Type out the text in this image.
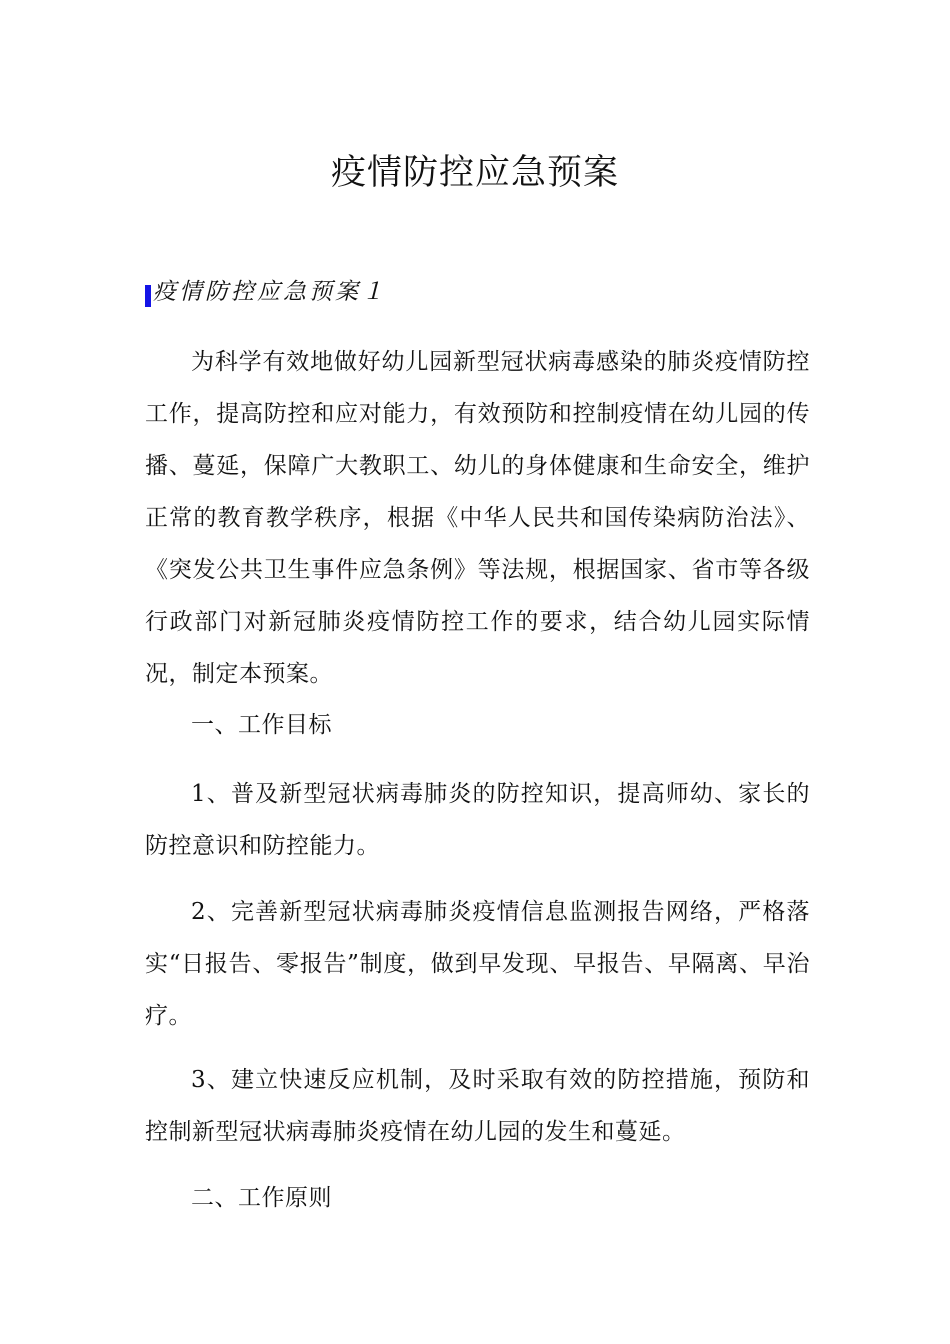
疫情防控应急预案
疫情防控应急预案１

为科学有效地做好幼儿园新型冠状病毒感染的肺炎疫情防控工作，提高防控和应对能力，有效预防和控制疫情在幼儿园的传播、蔓延，保障广大教职工、幼儿的身体健康和生命安全，维护正常的教育教学秩序，根据《中华人民共和国传染病防治法》、《突发公共卫生事件应急条例》等法规，根据国家、省市等各级行政部门对新冠肺炎疫情防控工作的要求，结合幼儿园实际情况，制定本预案。

一、工作目标

1、普及新型冠状病毒肺炎的防控知识，提高师幼、家长的防控意识和防控能力。

2、完善新型冠状病毒肺炎疫情信息监测报告网络，严格落实“日报告、零报告”制度，做到早发现、早报告、早隔离、早治疗。

3、建立快速反应机制，及时采取有效的防控措施，预防和控制新型冠状病毒肺炎疫情在幼儿园的发生和蔓延。

二、工作原则
